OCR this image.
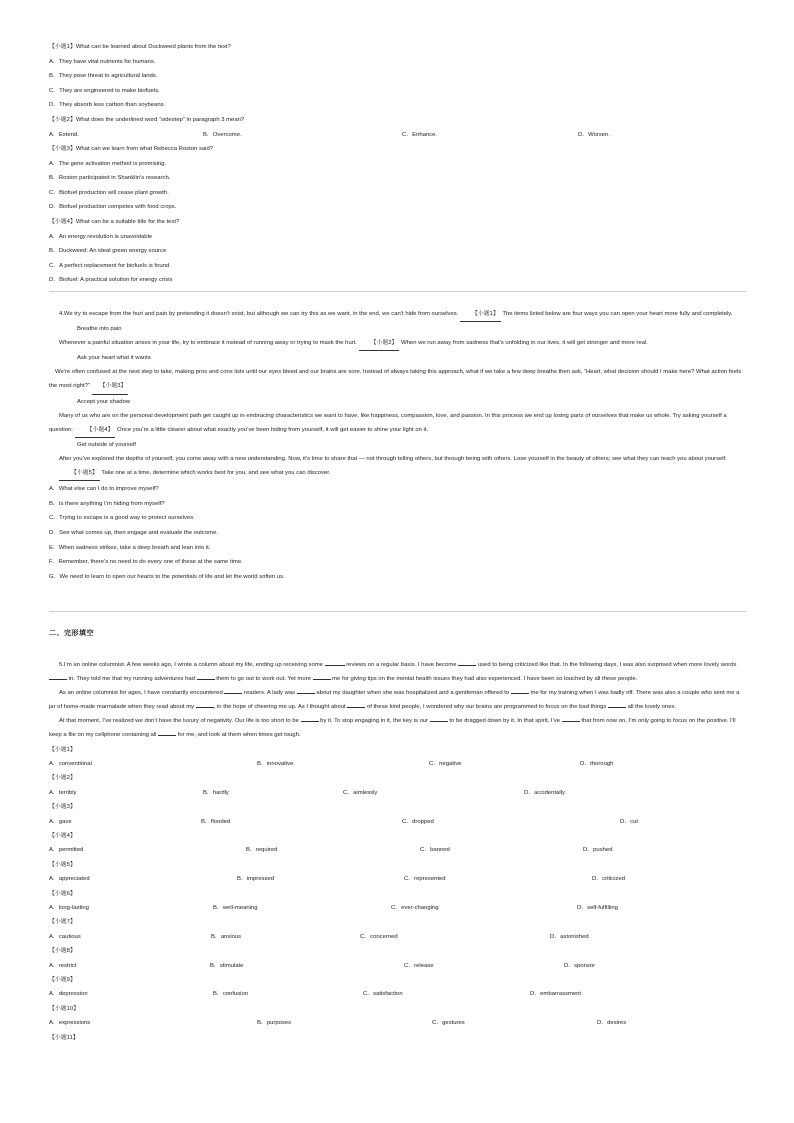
【小题1】What can be learned about Duckweed plants from the text?
A．They have vital nutrients for humans.
B．They pose threat to agricultural lands.
C．They are engineered to make biofuels.
D．They absorb less carbon than soybeans.
【小题2】What does the underlined word “sidestep” in paragraph 3 mean?
A．Extend.	B．Overcome.	C．Enhance.	D．Worsen.
【小题3】What can we learn from what Rebecca Roston said?
A．The gene activation method is promising.
B．Roston participated in Shanklin’s research.
C．Biofuel production will cease plant growth.
D．Biofuel production competes with food crops.
【小题4】What can be a suitable title for the text?
A．An energy revolution is unavoidable
B．Duckweed: An ideal green energy source
C．A perfect replacement for biofuels is found
D．Biofuel: A practical solution for energy crisis

4.We try to escape from the hurt and pain by pretending it doesn’t exist, but although we can try this as we want, in the end, we can’t hide from ourselves. 【小题1】 The items listed below are four ways you can open your heart more fully and completely.

Breathe into pain

Whenever a painful situation arises in your life, try to embrace it instead of running away or trying to mask the hurt. 【小题2】 When we run away from sadness that’s unfolding in our lives, it will get stronger and more real.

Ask your heart what it wants

We’re often confused at the next step to take, making pros and cons lists until our eyes bleed and our brains are sore. Instead of always taking this approach, what if we take a few deep breaths then ask, “Heart, what decision should I make here? What action feels the most right?” 【小题3】

Accept your shadow

Many of us who are on the personal development path get caught up in embracing characteristics we want to have, like happiness, compassion, love, and passion. In this process we end up losing parts of ourselves that make us whole. Try asking yourself a question: 【小题4】 Once you’re a little clearer about what exactly you’ve been hiding from yourself, it will get easier to shine your light on it.

Get outside of yourself

After you’ve explored the depths of yourself, you come away with a new understanding. Now, it’s time to share that — not through telling others, but through being with others. Lose yourself in the beauty of others; see what they can teach you about yourself.

【小题5】 Take one at a time, determine which works best for you, and see what you can discover.

A．What else can I do to improve myself?
B．Is there anything I’m hiding from myself?
C．Trying to escape is a good way to protect ourselves.
D．See what comes up, then engage and evaluate the outcome.
E．When sadness strikes, take a deep breath and lean into it.
F．Remember, there’s no need to do every one of these at the same time.
G．We need to learn to open our hearts to the potentials of life and let the world soften us.
二、完形填空

5.I’m an online columnist. A few weeks ago, I wrote a column about my life, ending up receiving some	reviews on a regular basis. I have become	used to being criticized like that. In the following days, I was also surprised when more lovely words  in. They told me that my running adventures had	them to go out to work out. Yet more	me for giving tips on the mental health issues they had also experienced. I have been so touched by all these people.

As an online columnist for ages, I have constantly encountered	readers. A lady was	about my daughter when she was hospitalized and a gentleman offered to	me for my training when I was badly off. There was also a couple who sent me a jar of home-made marmalade when they read about my	, in the hope of cheering me up. As I thought about	of these kind people, I wondered why our brains are programmed to focus on the bad things	all the lovely ones.

At that moment, I’ve realized we don’t have the luxury of negativity. Our life is too short to be	by it. To stop engaging in it, the key is our	to be dragged down by it. In that spirit, I’ve	that from now on, I’m only going to focus on the positive. I’ll keep a file on my cellphone containing all	for me, and look at them when times get tough.

【小题1】
A．conventional	B．innovative	C．negative	D．thorough
【小题2】
A．terribly	B．hardly	C．aimlessly	D．accidentally
【小题3】
A．gave	B．flooded	C．dropped	D．cut
【小题4】
A．permitted	B．required	C．banned	D．pushed
【小题5】
A．appreciated	B．impressed	C．represented	D．criticized
【小题6】
A．long-lasting	B．well-meaning	C．ever-changing	D．self-fulfilling
【小题7】
A．cautious	B．anxious	C．concerned	D．astonished
【小题8】
A．restrict	B．stimulate	C．release	D．sponsor
【小题9】
A．depression	B．confusion	C．satisfaction	D．embarrassment
【小题10】
A．expressions	B．purposes	C．gestures	D．desires
【小题11】
